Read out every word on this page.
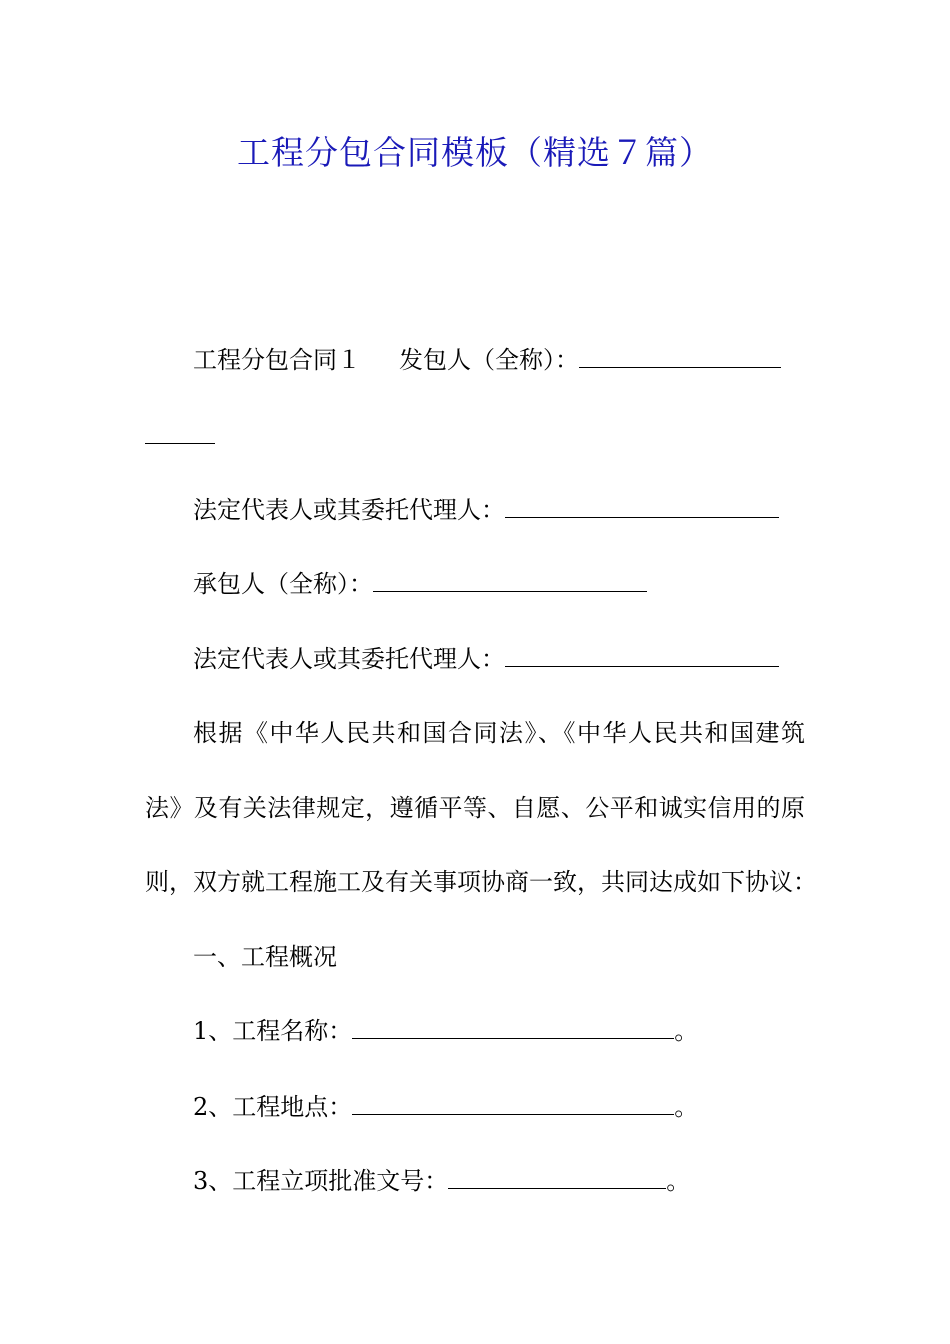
工程分包合同模板（精选７篇）
工程分包合同１ 发包人（全称）：
法定代表人或其委托代理人：
承包人（全称）：
法定代表人或其委托代理人：
根据《中华人民共和国合同法》、《中华人民共和国建筑
法》及有关法律规定，遵循平等、自愿、公平和诚实信用的原
则，双方就工程施工及有关事项协商一致，共同达成如下协议：
一、工程概况
1、工程名称：	。
2、工程地点：	。
3、工程立项批准文号：	。
